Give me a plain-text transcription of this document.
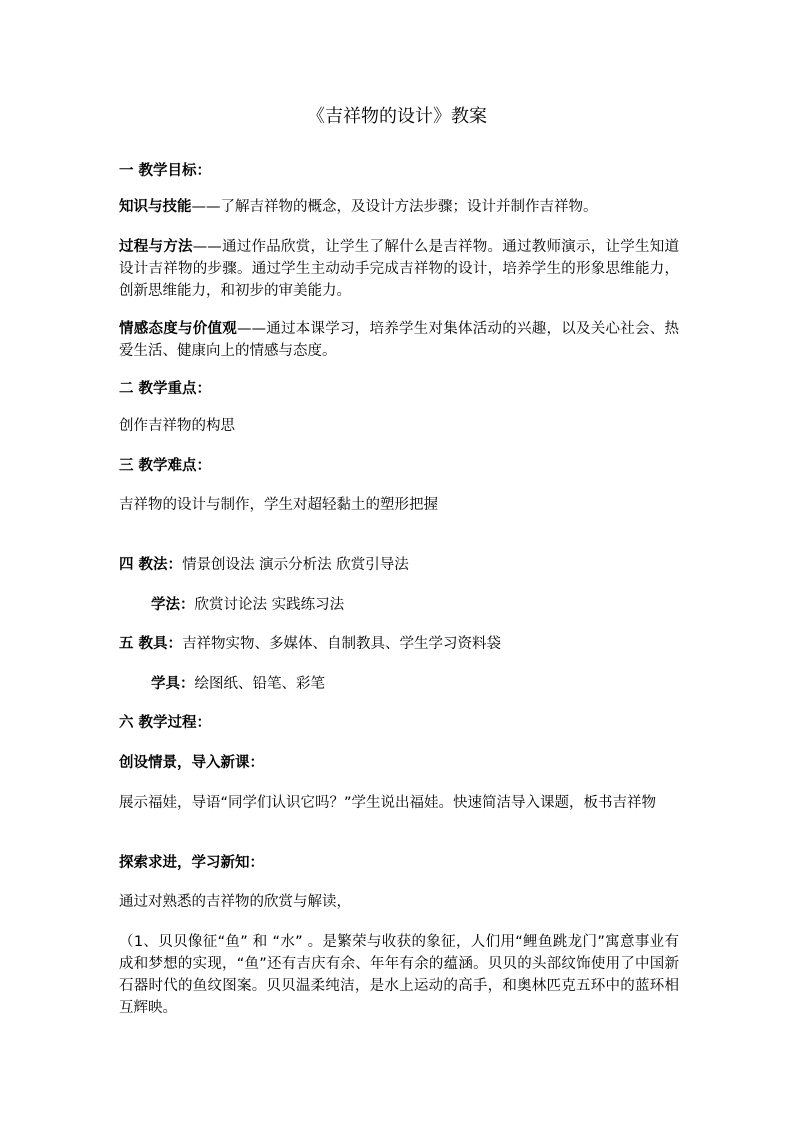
《吉祥物的设计》教案
一 教学目标：
知识与技能——了解吉祥物的概念，及设计方法步骤；设计并制作吉祥物。
过程与方法——通过作品欣赏，让学生了解什么是吉祥物。通过教师演示，让学生知道设计吉祥物的步骤。通过学生主动动手完成吉祥物的设计，培养学生的形象思维能力，创新思维能力，和初步的审美能力。
情感态度与价值观——通过本课学习，培养学生对集体活动的兴趣，以及关心社会、热爱生活、健康向上的情感与态度。
二 教学重点：
创作吉祥物的构思
三 教学难点：
吉祥物的设计与制作，学生对超轻黏土的塑形把握
四 教法：情景创设法 演示分析法 欣赏引导法
学法：欣赏讨论法 实践练习法
五 教具：吉祥物实物、多媒体、自制教具、学生学习资料袋
学具：绘图纸、铅笔、彩笔
六 教学过程：
创设情景，导入新课：
展示福娃，导语“同学们认识它吗？”学生说出福娃。快速简洁导入课题，板书吉祥物
探索求进，学习新知：
通过对熟悉的吉祥物的欣赏与解读，
（1、贝贝像征“鱼” 和 “水” 。是繁荣与收获的象征，人们用“鲤鱼跳龙门”寓意事业有成和梦想的实现，“鱼”还有吉庆有余、年年有余的蕴涵。贝贝的头部纹饰使用了中国新石器时代的鱼纹图案。贝贝温柔纯洁，是水上运动的高手，和奥林匹克五环中的蓝环相互辉映。
